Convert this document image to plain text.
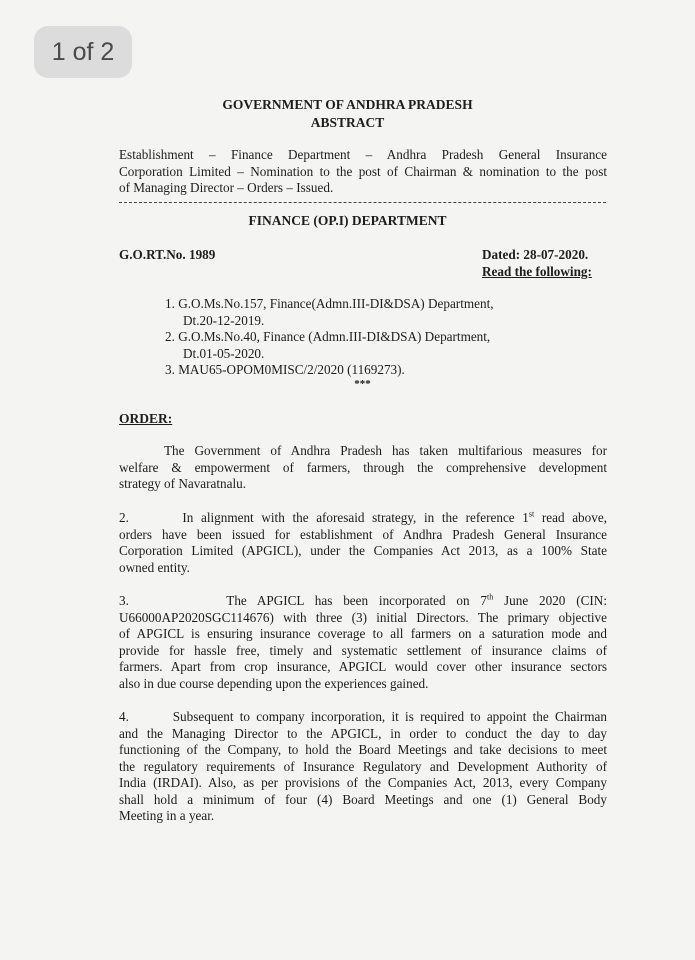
1 of 2
GOVERNMENT OF ANDHRA PRADESH
ABSTRACT
Establishment – Finance Department – Andhra Pradesh General Insurance
Corporation Limited – Nomination to the post of Chairman & nomination to the post
of Managing Director – Orders – Issued.
FINANCE (OP.I) DEPARTMENT
G.O.RT.No. 1989	Dated: 28-07-2020.
Read the following:
1. G.O.Ms.No.157, Finance(Admn.III-DI&DSA) Department,
Dt.20-12-2019.
2. G.O.Ms.No.40, Finance (Admn.III-DI&DSA) Department,
Dt.01-05-2020.
3. MAU65-OPOM0MISC/2/2020 (1169273).
***
ORDER:
The Government of Andhra Pradesh has taken multifarious measures for
welfare & empowerment of farmers, through the comprehensive development
strategy of Navaratnalu.
2.	In alignment with the aforesaid strategy, in the reference 1st read above,
orders have been issued for establishment of Andhra Pradesh General Insurance
Corporation Limited (APGICL), under the Companies Act 2013, as a 100% State
owned entity.
3.	The APGICL has been incorporated on 7th June 2020 (CIN:
U66000AP2020SGC114676) with three (3) initial Directors. The primary objective
of APGICL is ensuring insurance coverage to all farmers on a saturation mode and
provide for hassle free, timely and systematic settlement of insurance claims of
farmers. Apart from crop insurance, APGICL would cover other insurance sectors
also in due course depending upon the experiences gained.
4.	Subsequent to company incorporation, it is required to appoint the Chairman
and the Managing Director to the APGICL, in order to conduct the day to day
functioning of the Company, to hold the Board Meetings and take decisions to meet
the regulatory requirements of Insurance Regulatory and Development Authority of
India (IRDAI). Also, as per provisions of the Companies Act, 2013, every Company
shall hold a minimum of four (4) Board Meetings and one (1) General Body
Meeting in a year.
